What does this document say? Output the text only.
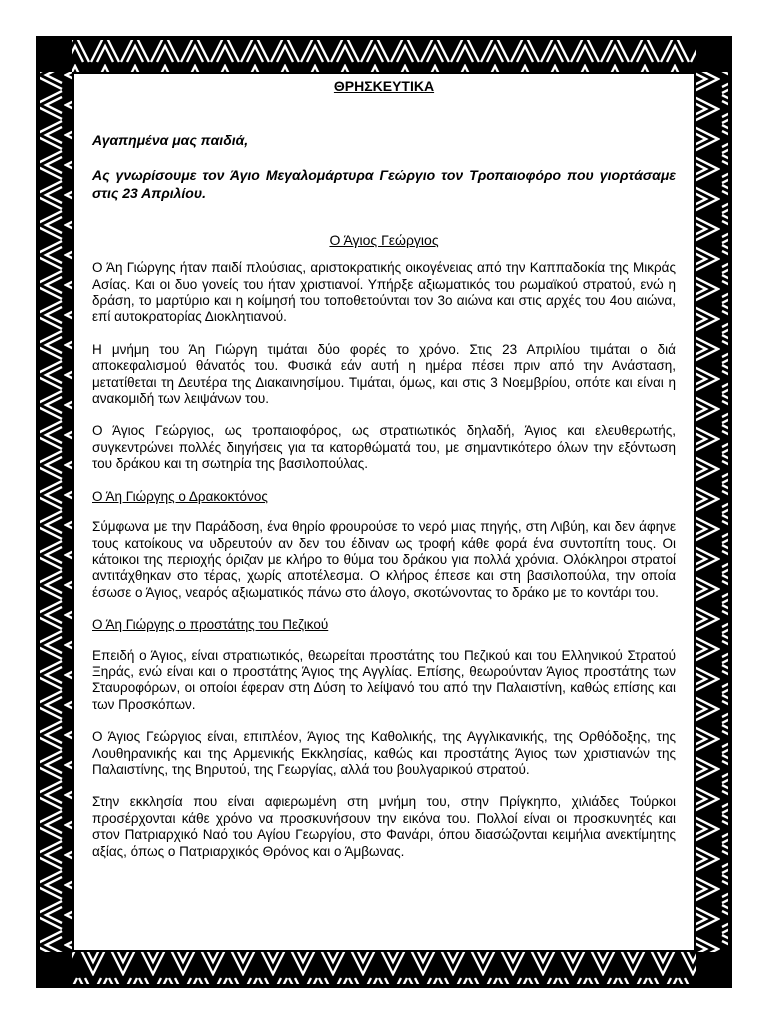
ΘΡΗΣΚΕΥΤΙΚΑ
Αγαπημένα μας παιδιά,
Ας γνωρίσουμε τον Άγιο Μεγαλομάρτυρα Γεώργιο τον Τροπαιοφόρο που γιορτάσαμε στις 23 Απριλίου.
Ο Άγιος Γεώργιος

Ο Άη Γιώργης ήταν παιδί πλούσιας, αριστοκρατικής οικογένειας από την Καππαδοκία της Μικράς Ασίας. Και οι δυο γονείς του ήταν χριστιανοί. Υπήρξε αξιωματικός του ρωμαϊκού στρατού, ενώ η δράση, το μαρτύριο και η κοίμησή του τοποθετούνται τον 3ο αιώνα και στις αρχές του 4ου αιώνα, επί αυτοκρατορίας Διοκλητιανού.

Η μνήμη του Άη Γιώργη τιμάται δύο φορές το χρόνο. Στις 23 Απριλίου τιμάται ο διά αποκεφαλισμού θάνατός του. Φυσικά εάν αυτή η ημέρα πέσει πριν από την Ανάσταση, μετατίθεται τη Δευτέρα της Διακαινησίμου. Τιμάται, όμως, και στις 3 Νοεμβρίου, οπότε και είναι η ανακομιδή των λειψάνων του.

Ο Άγιος Γεώργιος, ως τροπαιοφόρος, ως στρατιωτικός δηλαδή, Άγιος και ελευθερωτής, συγκεντρώνει πολλές διηγήσεις για τα κατορθώματά του, με σημαντικότερο όλων την εξόντωση του δράκου και τη σωτηρία της βασιλοπούλας.

Ο Άη Γιώργης ο Δρακοκτόνος

Σύμφωνα με την Παράδοση, ένα θηρίο φρουρούσε το νερό μιας πηγής, στη Λιβύη, και δεν άφηνε τους κατοίκους να υδρευτούν αν δεν του έδιναν ως τροφή κάθε φορά ένα συντοπίτη τους. Οι κάτοικοι της περιοχής όριζαν με κλήρο το θύμα του δράκου για πολλά χρόνια. Ολόκληροι στρατοί αντιτάχθηκαν στο τέρας, χωρίς αποτέλεσμα. Ο κλήρος έπεσε και στη βασιλοπούλα, την οποία έσωσε ο Άγιος, νεαρός αξιωματικός πάνω στο άλογο, σκοτώνοντας το δράκο με το κοντάρι του.

Ο Άη Γιώργης ο προστάτης του Πεζικού

Επειδή ο Άγιος, είναι στρατιωτικός, θεωρείται προστάτης του Πεζικού και του Ελληνικού Στρατού Ξηράς, ενώ είναι και ο προστάτης Άγιος της Αγγλίας. Επίσης, θεωρούνταν Άγιος προστάτης των Σταυροφόρων, οι οποίοι έφεραν στη Δύση το λείψανό του από την Παλαιστίνη, καθώς επίσης και των Προσκόπων.

Ο Άγιος Γεώργιος είναι, επιπλέον, Άγιος της Καθολικής, της Αγγλικανικής, της Ορθόδοξης, της Λουθηρανικής και της Αρμενικής Εκκλησίας, καθώς και προστάτης Άγιος των χριστιανών της Παλαιστίνης, της Βηρυτού, της Γεωργίας, αλλά του βουλγαρικού στρατού.

Στην εκκλησία που είναι αφιερωμένη στη μνήμη του, στην Πρίγκηπο, χιλιάδες Τούρκοι προσέρχονται κάθε χρόνο να προσκυνήσουν την εικόνα του. Πολλοί είναι οι προσκυνητές και στον Πατριαρχικό Ναό του Αγίου Γεωργίου, στο Φανάρι, όπου διασώζονται κειμήλια ανεκτίμητης αξίας, όπως ο Πατριαρχικός Θρόνος και ο Άμβωνας.
